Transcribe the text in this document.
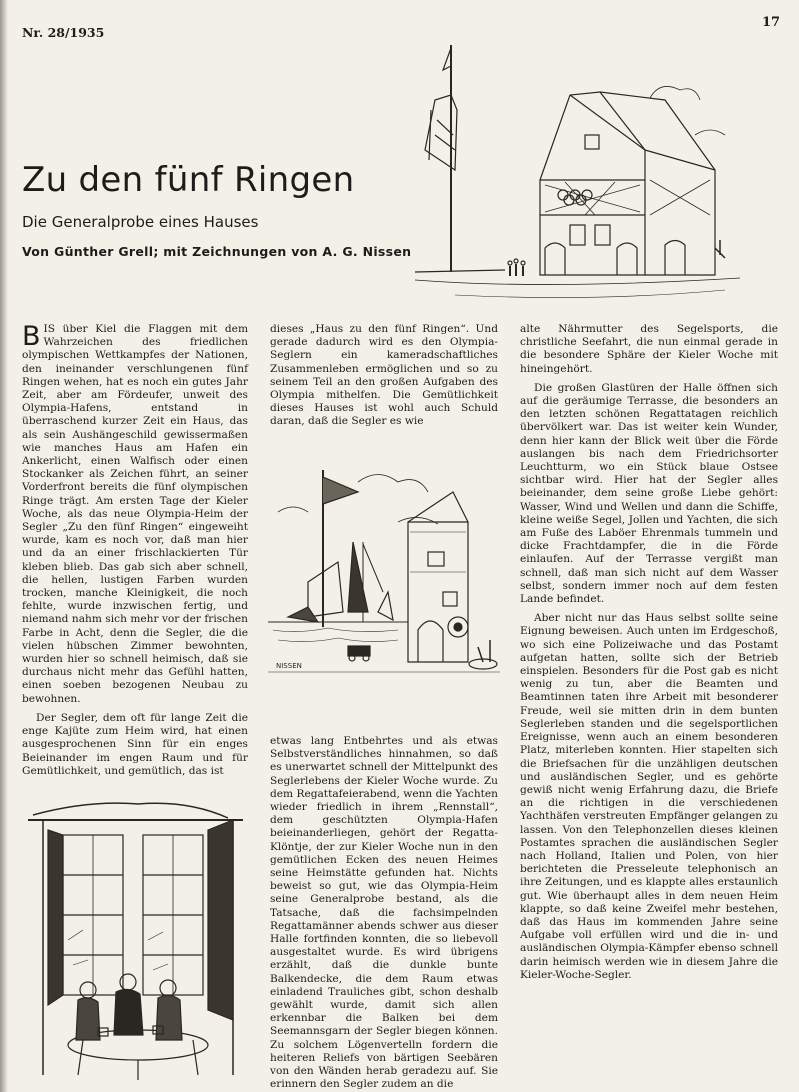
Nr. 28/1935
17
Zu den fünf Ringen
Die Generalprobe eines Hauses
Von Günther Grell; mit Zeichnungen von A. G. Nissen

BIS über Kiel die Flaggen mit dem Wahrzeichen des friedlichen olympischen Wettkampfes der Nationen, den ineinander verschlungenen fünf Ringen wehen, hat es noch ein gutes Jahr Zeit, aber am Fördeufer, unweit des Olympia-Hafens, entstand in überraschend kurzer Zeit ein Haus, das als sein Aushängeschild gewissermaßen wie manches Haus am Hafen ein Ankerlicht, einen Walfisch oder einen Stockanker als Zeichen führt, an seiner Vorderfront bereits die fünf olympischen Ringe trägt. Am ersten Tage der Kieler Woche, als das neue Olympia-Heim der Segler „Zu den fünf Ringen“ eingeweiht wurde, kam es noch vor, daß man hier und da an einer frischlackierten Tür kleben blieb. Das gab sich aber schnell, die hellen, lustigen Farben wurden trocken, manche Kleinigkeit, die noch fehlte, wurde inzwischen fertig, und niemand nahm sich mehr vor der frischen Farbe in Acht, denn die Segler, die die vielen hübschen Zimmer bewohnten, wurden hier so schnell heimisch, daß sie durchaus nicht mehr das Gefühl hatten, einen soeben bezogenen Neubau zu bewohnen.

Der Segler, dem oft für lange Zeit die enge Kajüte zum Heim wird, hat einen ausgesprochenen Sinn für ein enges Beieinander im engen Raum und für Gemütlichkeit, und gemütlich, das ist

dieses „Haus zu den fünf Ringen“. Und gerade dadurch wird es den Olympia-Seglern ein kameradschaftliches Zusammenleben ermöglichen und so zu seinem Teil an den großen Aufgaben des Olympia mithelfen. Die Gemütlichkeit dieses Hauses ist wohl auch Schuld daran, daß die Segler es wie

NISSEN

etwas lang Entbehrtes und als etwas Selbstverständliches hinnahmen, so daß es unerwartet schnell der Mittelpunkt des Seglerlebens der Kieler Woche wurde. Zu dem Regattafeierabend, wenn die Yachten wieder friedlich in ihrem „Rennstall“, dem geschützten Olympia-Hafen beieinanderliegen, gehört der Regatta-Klöntje, der zur Kieler Woche nun in den gemütlichen Ecken des neuen Heimes seine Heimstätte gefunden hat. Nichts beweist so gut, wie das Olympia-Heim seine Generalprobe bestand, als die Tatsache, daß die fachsimpelnden Regattamänner abends schwer aus dieser Halle fortfinden konnten, die so liebevoll ausgestaltet wurde. Es wird übrigens erzählt, daß die dunkle bunte Balkendecke, die dem Raum etwas einladend Trauliches gibt, schon deshalb gewählt wurde, damit sich allen erkennbar die Balken bei dem Seemannsgarn der Segler biegen können. Zu solchem Lögenvertelln fordern die heiteren Reliefs von bärtigen Seebären von den Wänden herab geradezu auf. Sie erinnern den Segler zudem an die

alte Nährmutter des Segelsports, die christliche Seefahrt, die nun einmal gerade in die besondere Sphäre der Kieler Woche mit hineingehört.

Die großen Glastüren der Halle öffnen sich auf die geräumige Terrasse, die besonders an den letzten schönen Regattatagen reichlich übervölkert war. Das ist weiter kein Wunder, denn hier kann der Blick weit über die Förde auslangen bis nach dem Friedrichsorter Leuchtturm, wo ein Stück blaue Ostsee sichtbar wird. Hier hat der Segler alles beieinander, dem seine große Liebe gehört: Wasser, Wind und Wellen und dann die Schiffe, kleine weiße Segel, Jollen und Yachten, die sich am Fuße des Laböer Ehrenmals tummeln und dicke Frachtdampfer, die in die Förde einlaufen. Auf der Terrasse vergißt man schnell, daß man sich nicht auf dem Wasser selbst, sondern immer noch auf dem festen Lande befindet.

Aber nicht nur das Haus selbst sollte seine Eignung beweisen. Auch unten im Erdgeschoß, wo sich eine Polizeiwache und das Postamt aufgetan hatten, sollte sich der Betrieb einspielen. Besonders für die Post gab es nicht wenig zu tun, aber die Beamten und Beamtinnen taten ihre Arbeit mit besonderer Freude, weil sie mitten drin in dem bunten Seglerleben standen und die segelsportlichen Ereignisse, wenn auch an einem besonderen Platz, miterleben konnten. Hier stapelten sich die Briefsachen für die unzähligen deutschen und ausländischen Segler, und es gehörte gewiß nicht wenig Erfahrung dazu, die Briefe an die richtigen in die verschiedenen Yachthäfen verstreuten Empfänger gelangen zu lassen. Von den Telephonzellen dieses kleinen Postamtes sprachen die ausländischen Segler nach Holland, Italien und Polen, von hier berichteten die Presseleute telephonisch an ihre Zeitungen, und es klappte alles erstaunlich gut. Wie überhaupt alles in dem neuen Heim klappte, so daß keine Zweifel mehr bestehen, daß das Haus im kommenden Jahre seine Aufgabe voll erfüllen wird und die in- und ausländischen Olympia-Kämpfer ebenso schnell darin heimisch werden wie in diesem Jahre die Kieler-Woche-Segler.
